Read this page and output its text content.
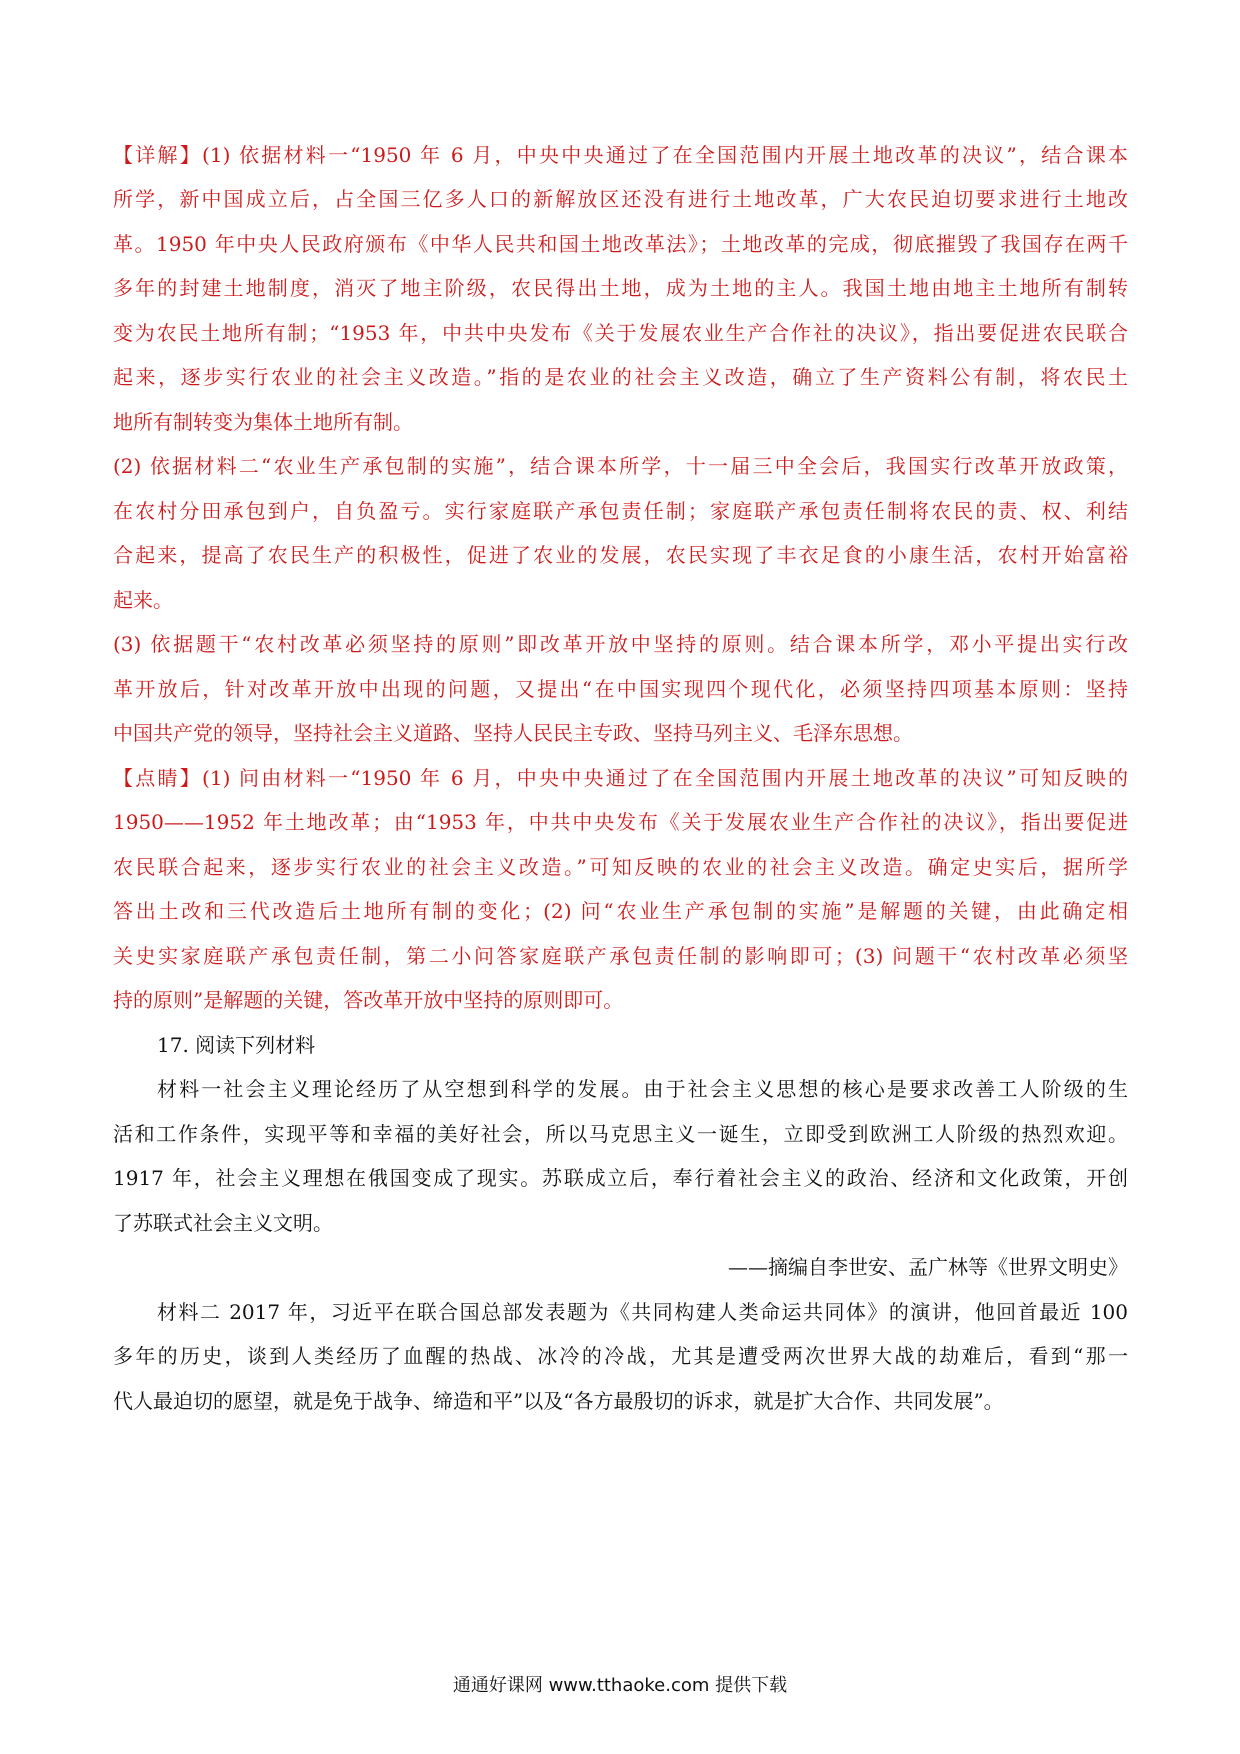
【详解】(1) 依据材料一“1950 年 6 月，中央中央通过了在全国范围内开展土地改革的决议”，结合课本
所学，新中国成立后，占全国三亿多人口的新解放区还没有进行土地改革，广大农民迫切要求进行土地改
革。1950 年中央人民政府颁布《中华人民共和国土地改革法》；土地改革的完成，彻底摧毁了我国存在两千
多年的封建土地制度，消灭了地主阶级，农民得出土地，成为土地的主人。我国土地由地主土地所有制转
变为农民土地所有制；“1953 年，中共中央发布《关于发展农业生产合作社的决议》，指出要促进农民联合
起来，逐步实行农业的社会主义改造。”指的是农业的社会主义改造，确立了生产资料公有制，将农民土
地所有制转变为集体土地所有制。
(2) 依据材料二“农业生产承包制的实施”，结合课本所学，十一届三中全会后，我国实行改革开放政策，
在农村分田承包到户，自负盈亏。实行家庭联产承包责任制；家庭联产承包责任制将农民的责、权、利结
合起来，提高了农民生产的积极性，促进了农业的发展，农民实现了丰衣足食的小康生活，农村开始富裕
起来。
(3) 依据题干“农村改革必须坚持的原则”即改革开放中坚持的原则。结合课本所学，邓小平提出实行改
革开放后，针对改革开放中出现的问题，又提出“在中国实现四个现代化，必须坚持四项基本原则：坚持
中国共产党的领导，坚持社会主义道路、坚持人民民主专政、坚持马列主义、毛泽东思想。
【点睛】(1) 问由材料一“1950 年 6 月，中央中央通过了在全国范围内开展土地改革的决议”可知反映的
1950——1952 年土地改革；由“1953 年，中共中央发布《关于发展农业生产合作社的决议》，指出要促进
农民联合起来，逐步实行农业的社会主义改造。”可知反映的农业的社会主义改造。确定史实后，据所学
答出土改和三代改造后土地所有制的变化；(2) 问“农业生产承包制的实施”是解题的关键，由此确定相
关史实家庭联产承包责任制，第二小问答家庭联产承包责任制的影响即可；(3) 问题干“农村改革必须坚
持的原则”是解题的关键，答改革开放中坚持的原则即可。
17. 阅读下列材料
材料一社会主义理论经历了从空想到科学的发展。由于社会主义思想的核心是要求改善工人阶级的生
活和工作条件，实现平等和幸福的美好社会，所以马克思主义一诞生，立即受到欧洲工人阶级的热烈欢迎。
1917 年，社会主义理想在俄国变成了现实。苏联成立后，奉行着社会主义的政治、经济和文化政策，开创
了苏联式社会主义文明。
——摘编自李世安、孟广林等《世界文明史》
材料二 2017 年，习近平在联合国总部发表题为《共同构建人类命运共同体》的演讲，他回首最近 100
多年的历史，谈到人类经历了血醒的热战、冰冷的冷战，尤其是遭受两次世界大战的劫难后，看到“那一
代人最迫切的愿望，就是免于战争、缔造和平”以及“各方最殷切的诉求，就是扩大合作、共同发展”。
通通好课网 www.tthaoke.com 提供下载
